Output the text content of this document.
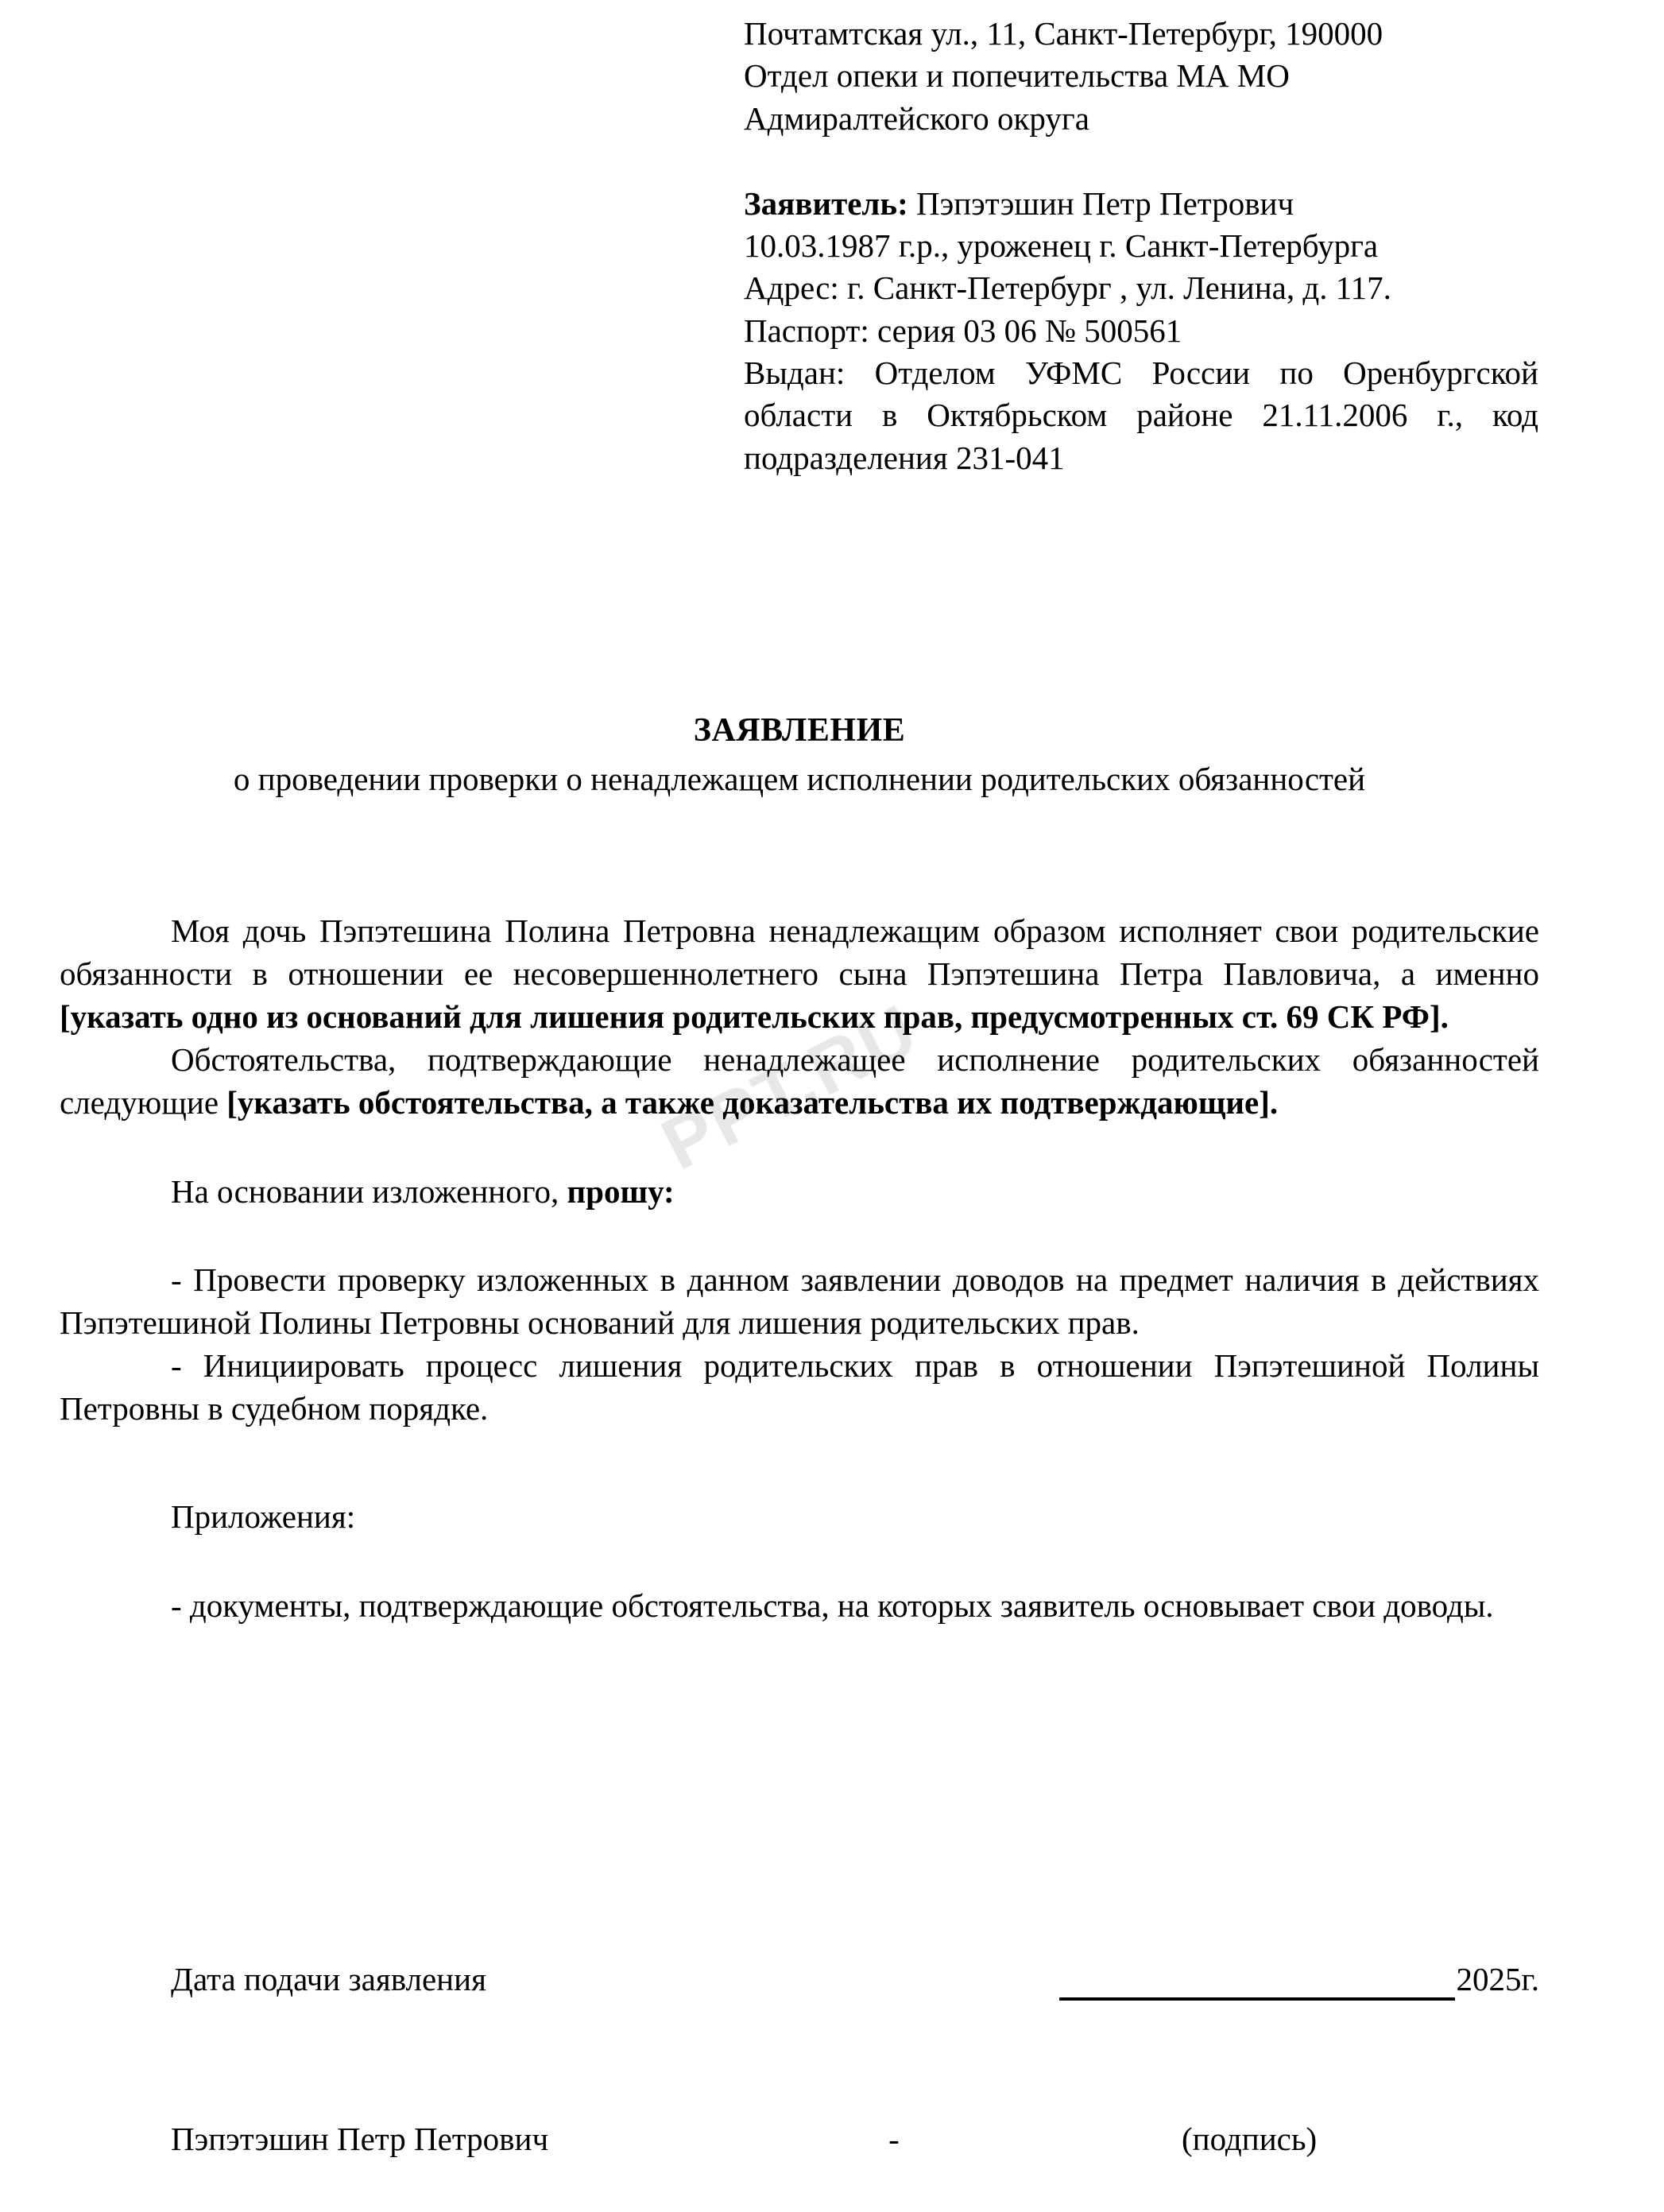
PPT.RU

Почтамтская ул., 11, Санкт-Петербург, 190000

Отдел опеки и попечительства МА МО

Адмиралтейского округа

Заявитель: Пэпэтэшин Петр Петрович

10.03.1987 г.р., уроженец г. Санкт-Петербурга

Адрес: г. Санкт-Петербург , ул. Ленина, д. 117.

Паспорт: серия 03 06 № 500561

Выдан: Отделом УФМС России по Оренбургской области в Октябрьском районе 21.11.2006 г., код подразделения 231-041

ЗАЯВЛЕНИЕ

о проведении проверки о ненадлежащем исполнении родительских обязанностей

Моя дочь Пэпэтешина Полина Петровна ненадлежащим образом исполняет свои родительские обязанности в отношении ее несовершеннолетнего сына Пэпэтешина Петра Павловича, а именно [указать одно из оснований для лишения родительских прав, предусмотренных ст. 69 СК РФ].

Обстоятельства, подтверждающие ненадлежащее исполнение родительских обязанностей следующие [указать обстоятельства, а также доказательства их подтверждающие].

На основании изложенного, прошу:

- Провести проверку изложенных в данном заявлении доводов на предмет наличия в действиях Пэпэтешиной Полины Петровны оснований для лишения родительских прав.

- Инициировать процесс лишения родительских прав в отношении Пэпэтешиной Полины Петровны в судебном порядке.

Приложения:

- документы, подтверждающие обстоятельства, на которых заявитель основывает свои доводы.

Дата подачи заявления	2025г.
Пэпэтэшин Петр Петрович	-	(подпись)
